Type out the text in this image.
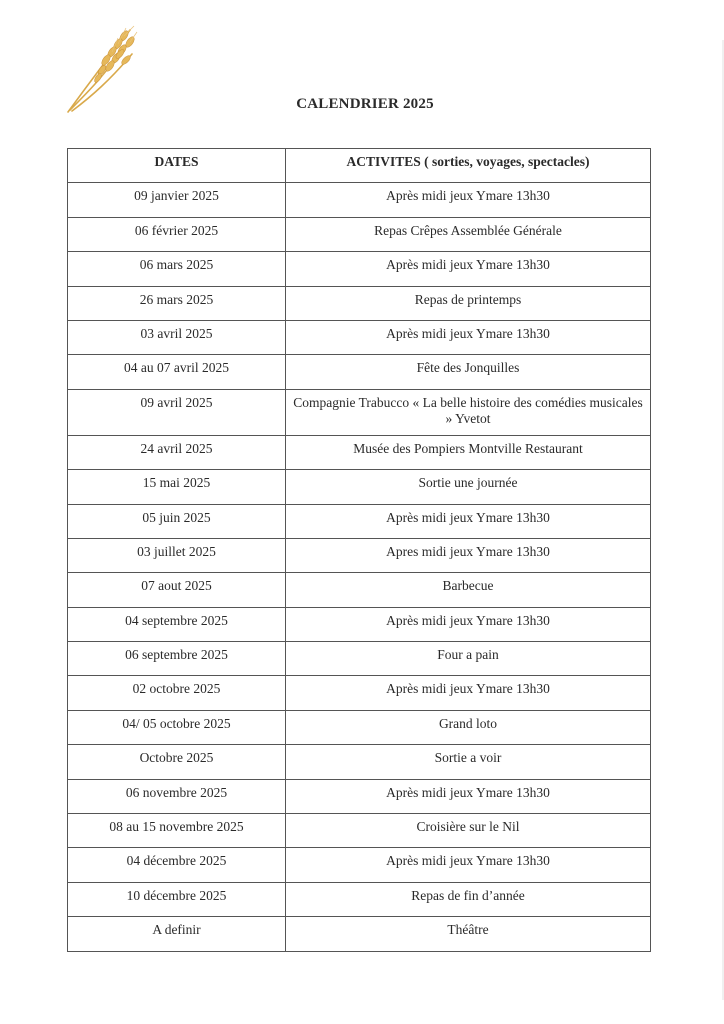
CALENDRIER 2025
DATES	ACTIVITES ( sorties, voyages, spectacles)
09 janvier 2025	Après midi jeux Ymare 13h30
06 février 2025	Repas Crêpes Assemblée Générale
06 mars 2025	Après midi jeux Ymare 13h30
26 mars 2025	Repas de printemps
03 avril 2025	Après midi jeux Ymare 13h30
04 au 07 avril 2025	Fête des Jonquilles
09 avril 2025	Compagnie Trabucco « La belle histoire des comédies musicales » Yvetot
24 avril 2025	Musée des Pompiers Montville Restaurant
15 mai 2025	Sortie une journée
05 juin 2025	Après midi jeux Ymare 13h30
03 juillet 2025	Apres midi jeux Ymare 13h30
07 aout 2025	Barbecue
04 septembre 2025	Après midi jeux Ymare 13h30
06 septembre 2025	Four a pain
02 octobre 2025	Après midi jeux Ymare 13h30
04/ 05 octobre 2025	Grand loto
Octobre 2025	Sortie a voir
06 novembre 2025	Après midi jeux Ymare 13h30
08 au 15 novembre 2025	Croisière sur le Nil
04 décembre 2025	Après midi jeux Ymare 13h30
10 décembre 2025	Repas de fin d’année
A definir	Théâtre
